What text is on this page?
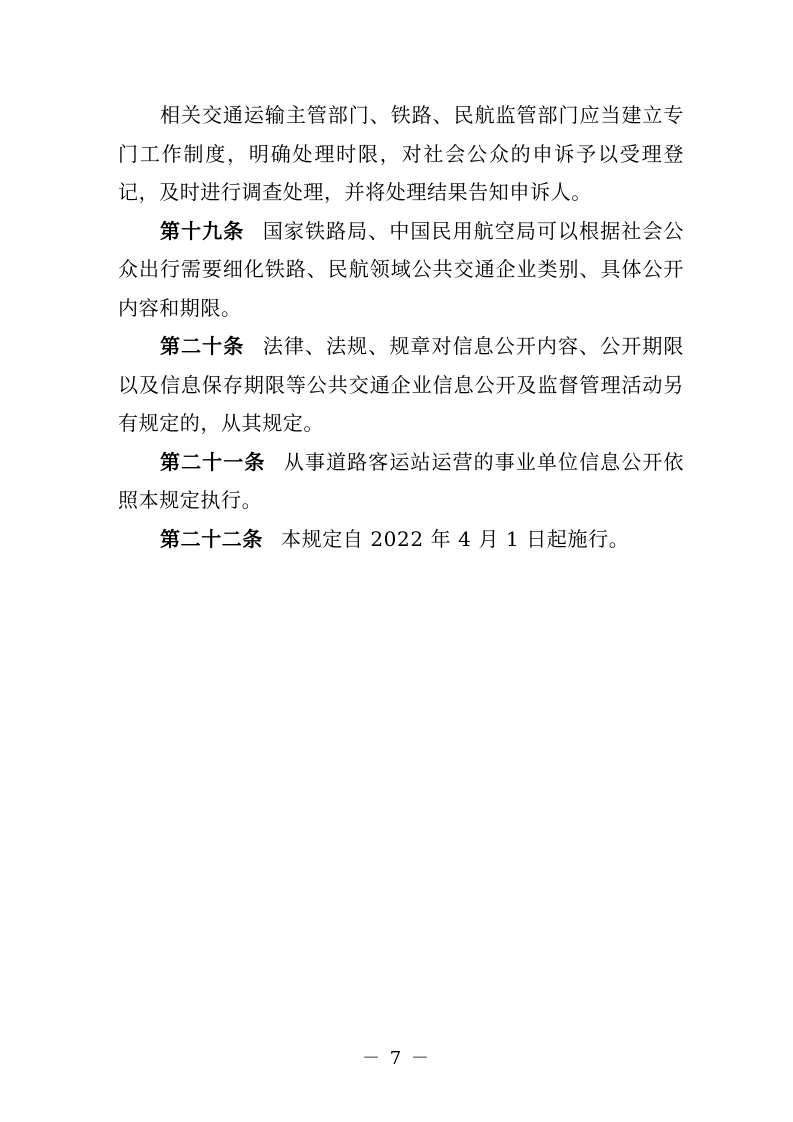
相关交通运输主管部门、铁路、民航监管部门应当建立专门工作制度，明确处理时限，对社会公众的申诉予以受理登记，及时进行调查处理，并将处理结果告知申诉人。

第十九条 国家铁路局、中国民用航空局可以根据社会公众出行需要细化铁路、民航领域公共交通企业类别、具体公开内容和期限。

第二十条 法律、法规、规章对信息公开内容、公开期限以及信息保存期限等公共交通企业信息公开及监督管理活动另有规定的，从其规定。

第二十一条 从事道路客运站运营的事业单位信息公开依照本规定执行。

第二十二条 本规定自 2022 年 4 月 1 日起施行。

－ 7 －
